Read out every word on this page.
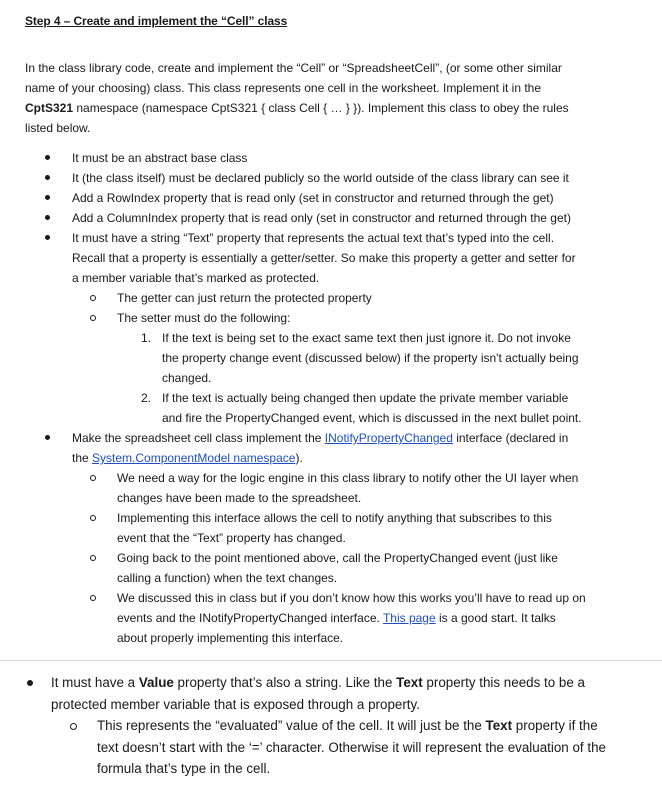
Step 4 – Create and implement the “Cell” class
In the class library code, create and implement the “Cell” or “SpreadsheetCell”, (or some other similar
name of your choosing) class. This class represents one cell in the worksheet. Implement it in the
CptS321 namespace (namespace CptS321 { class Cell { … } }). Implement this class to obey the rules
listed below.
It must be an abstract base class
It (the class itself) must be declared publicly so the world outside of the class library can see it
Add a RowIndex property that is read only (set in constructor and returned through the get)
Add a ColumnIndex property that is read only (set in constructor and returned through the get)
It must have a string “Text” property that represents the actual text that’s typed into the cell.
Recall that a property is essentially a getter/setter. So make this property a getter and setter for
a member variable that’s marked as protected.
The getter can just return the protected property
The setter must do the following:
1. If the text is being set to the exact same text then just ignore it. Do not invoke
the property change event (discussed below) if the property isn't actually being
changed.
2. If the text is actually being changed then update the private member variable
and fire the PropertyChanged event, which is discussed in the next bullet point.
Make the spreadsheet cell class implement the INotifyPropertyChanged interface (declared in
the System.ComponentModel namespace).
We need a way for the logic engine in this class library to notify other the UI layer when
changes have been made to the spreadsheet.
Implementing this interface allows the cell to notify anything that subscribes to this
event that the “Text” property has changed.
Going back to the point mentioned above, call the PropertyChanged event (just like
calling a function) when the text changes.
We discussed this in class but if you don’t know how this works you’ll have to read up on
events and the INotifyPropertyChanged interface. This page is a good start. It talks
about properly implementing this interface.
It must have a Value property that’s also a string. Like the Text property this needs to be a
protected member variable that is exposed through a property.
This represents the “evaluated” value of the cell. It will just be the Text property if the
text doesn’t start with the ‘=’ character. Otherwise it will represent the evaluation of the
formula that’s type in the cell.
